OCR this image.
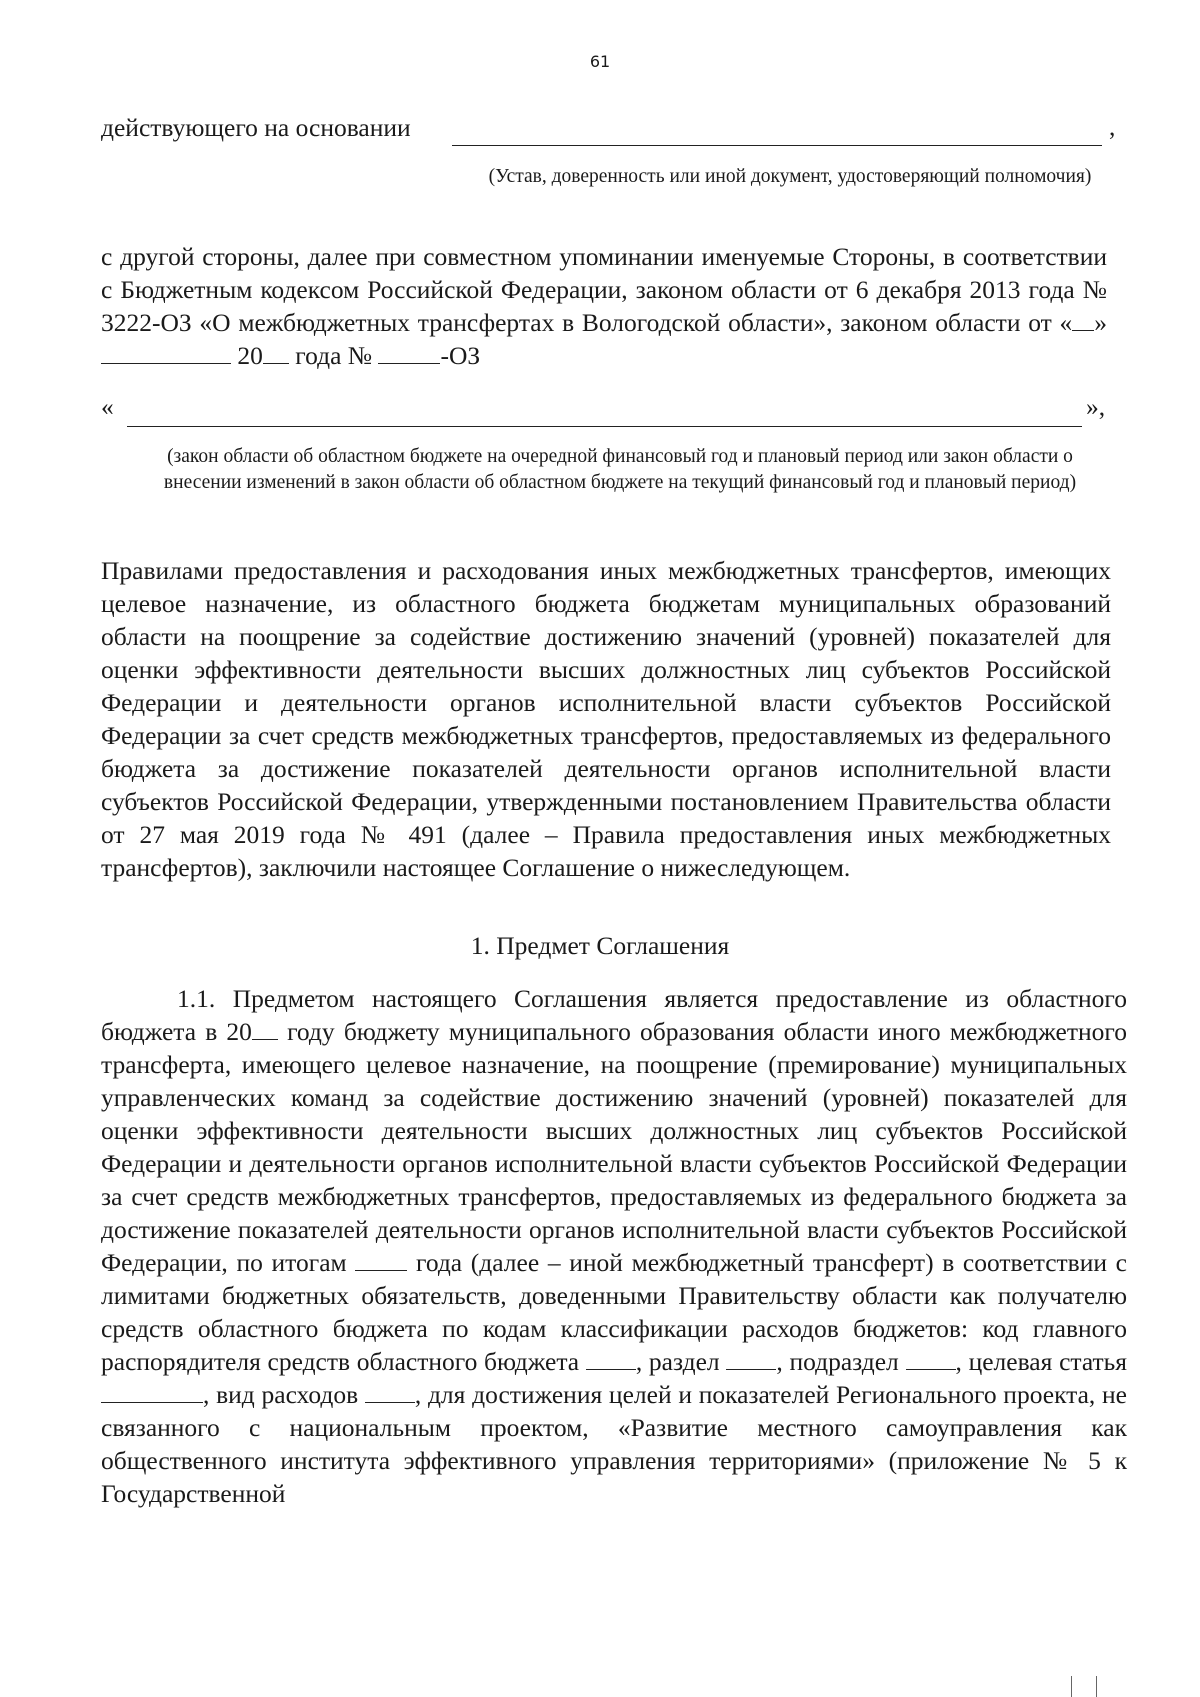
61
действующего на основании	,
(Устав, доверенность или иной документ, удостоверяющий полномочия)

с другой стороны, далее при совместном упоминании именуемые Стороны, в соответствии с Бюджетным кодексом Российской Федерации, законом области от 6 декабря 2013 года № 3222-ОЗ «О межбюджетных трансфертах в Вологодской области», законом области от « » 20 года №	-ОЗ

«	»,
(закон области об областном бюджете на очередной финансовый год и плановый период или закон области о внесении изменений в закон области об областном бюджете на текущий финансовый год и плановый период)

Правилами предоставления и расходования иных межбюджетных трансфертов, имеющих целевое назначение, из областного бюджета бюджетам муниципальных образований области на поощрение за содействие достижению значений (уровней) показателей для оценки эффективности деятельности высших должностных лиц субъектов Российской Федерации и деятельности органов исполнительной власти субъектов Российской Федерации за счет средств межбюджетных трансфертов, предоставляемых из федерального бюджета за достижение показателей деятельности органов исполнительной власти субъектов Российской Федерации, утвержденными постановлением Правительства области от 27 мая 2019 года № 491 (далее – Правила предоставления иных межбюджетных трансфертов), заключили настоящее Соглашение о нижеследующем.

1. Предмет Соглашения

1.1. Предметом настоящего Соглашения является предоставление из областного бюджета в 20 году бюджету муниципального образования области иного межбюджетного трансферта, имеющего целевое назначение, на поощрение (премирование) муниципальных управленческих команд за содействие достижению значений (уровней) показателей для оценки эффективности деятельности высших должностных лиц субъектов Российской Федерации и деятельности органов исполнительной власти субъектов Российской Федерации за счет средств межбюджетных трансфертов, предоставляемых из федерального бюджета за достижение показателей деятельности органов исполнительной власти субъектов Российской Федерации, по итогам  года (далее – иной межбюджетный трансферт) в соответствии с лимитами бюджетных обязательств, доведенными Правительству области как получателю средств областного бюджета по кодам классификации расходов бюджетов: код главного распорядителя средств областного бюджета , раздел , подраздел , целевая статья , вид расходов , для достижения целей и показателей Регионального проекта, не связанного с национальным проектом, «Развитие местного самоуправления как общественного института эффективного управления территориями» (приложение № 5 к Государственной
